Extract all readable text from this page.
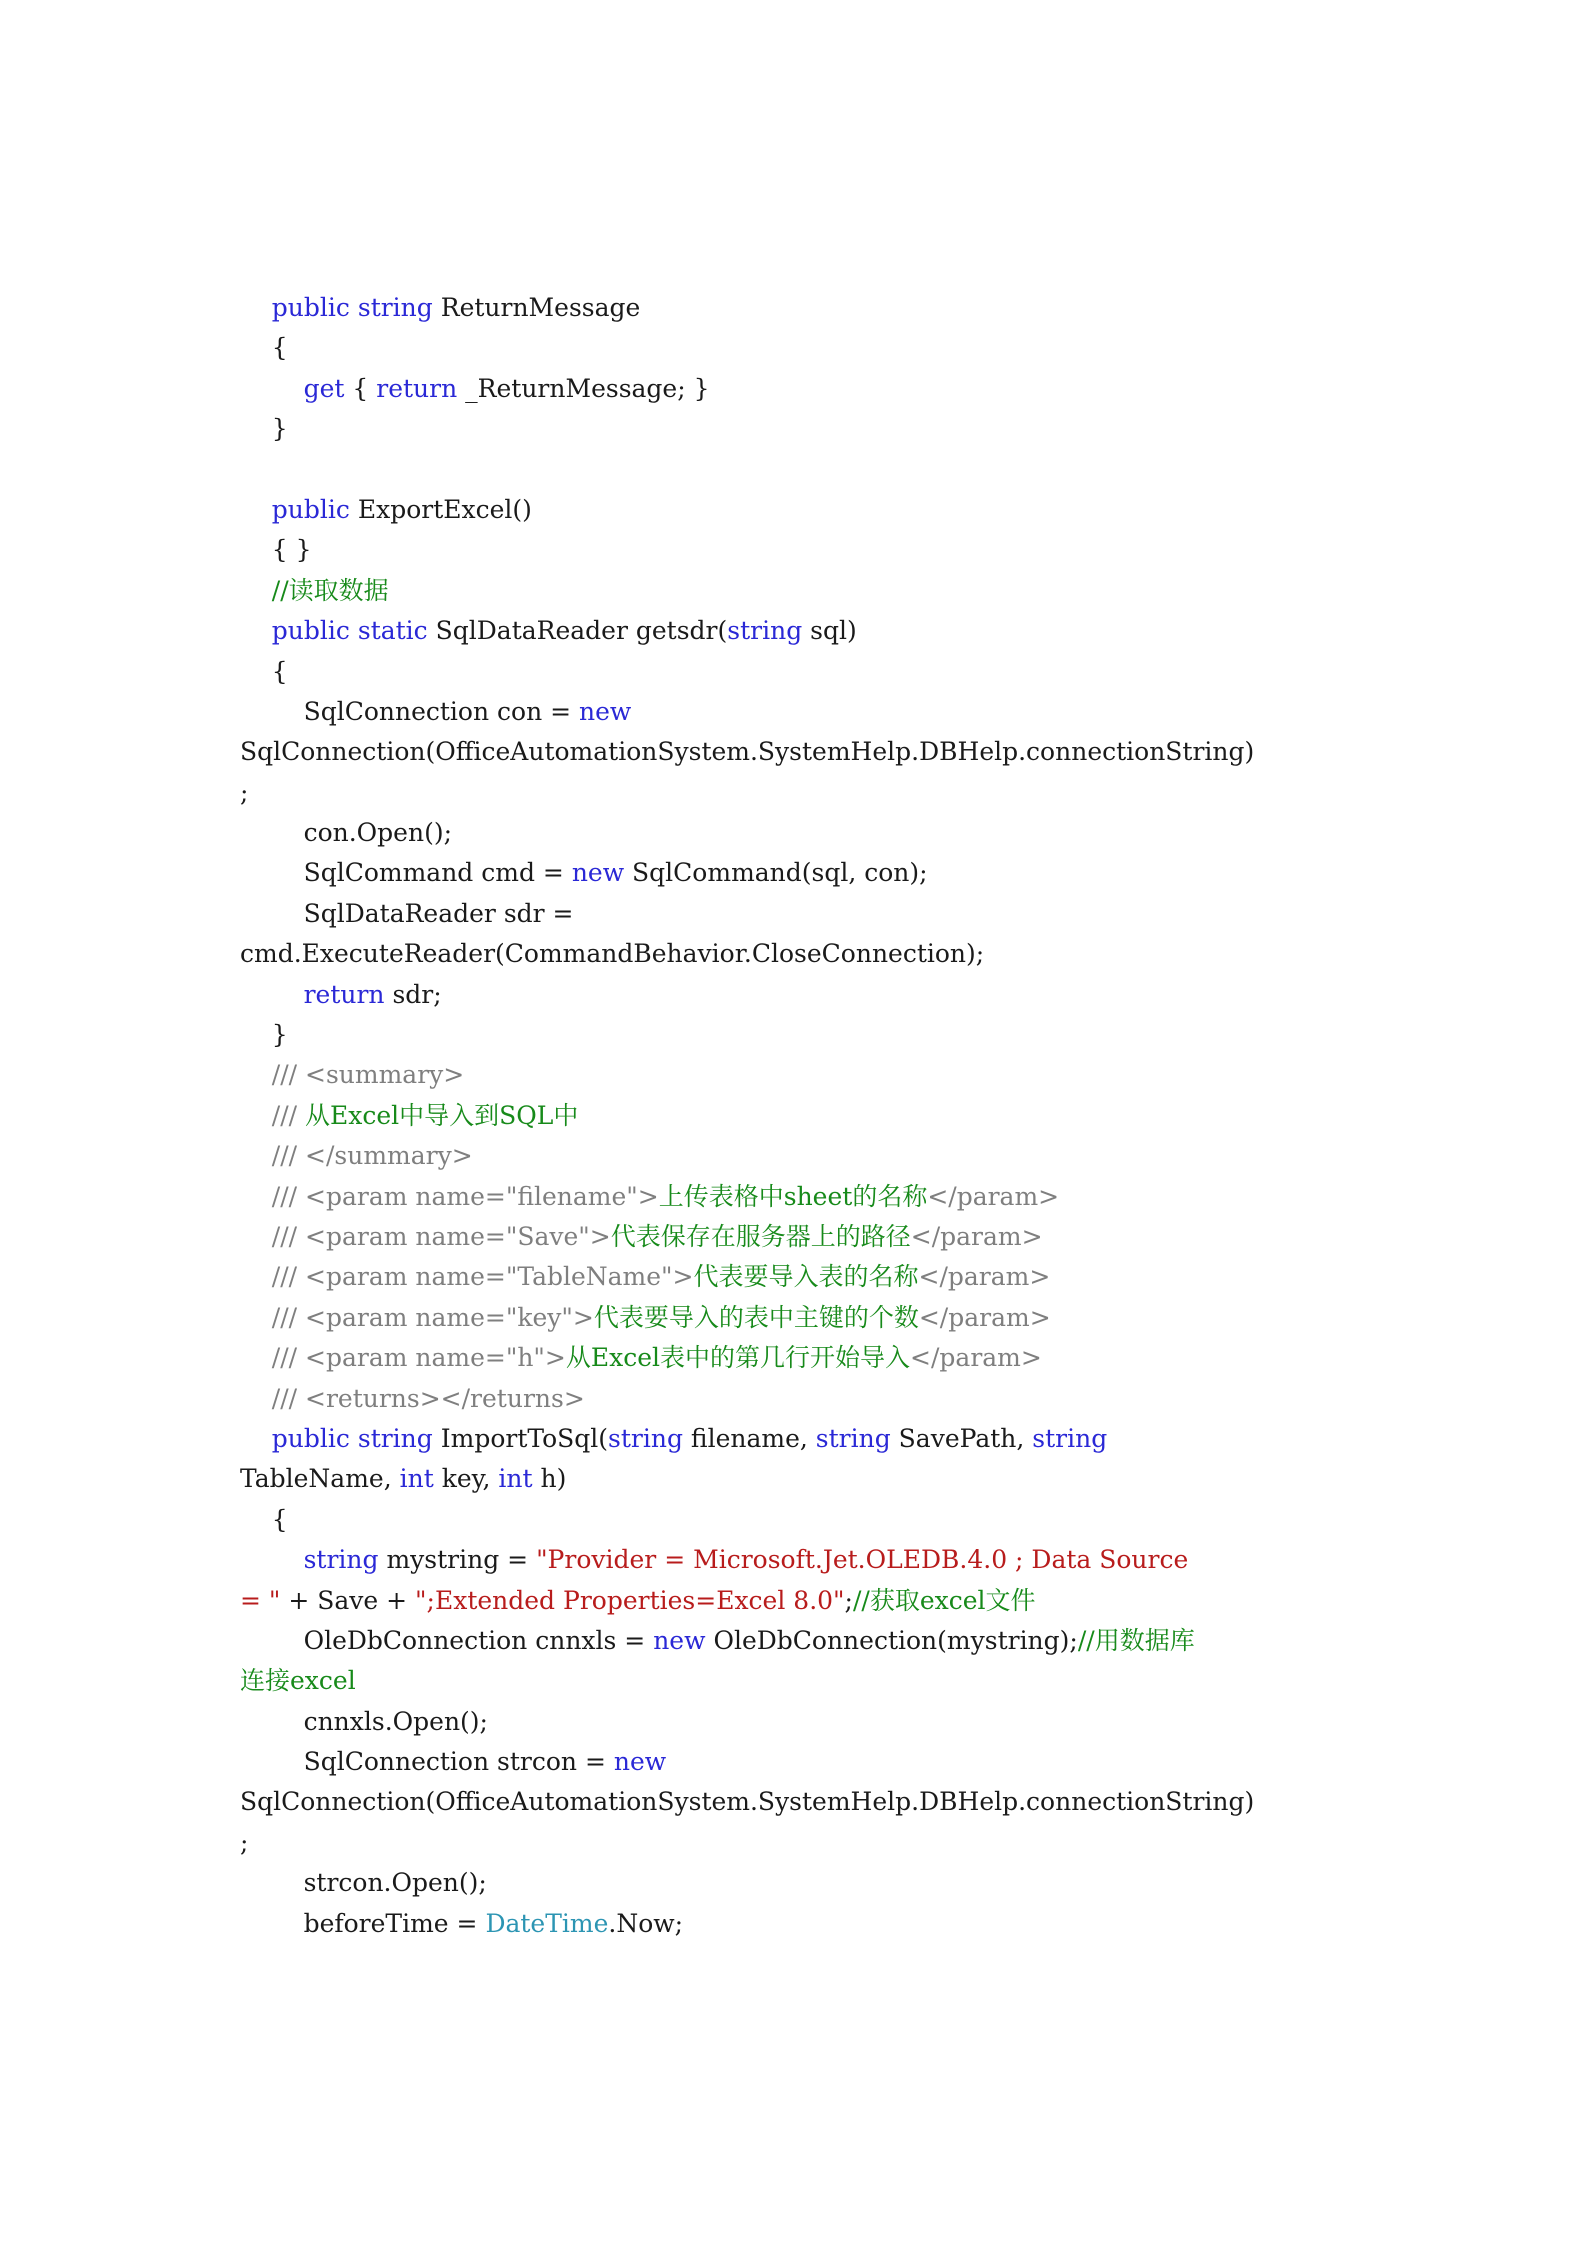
public string ReturnMessage
{
get { return _ReturnMessage; }
}
public ExportExcel()
{ }
//读取数据
public static SqlDataReader getsdr(string sql)
{
SqlConnection con = new
SqlConnection(OfficeAutomationSystem.SystemHelp.DBHelp.connectionString)
;
con.Open();
SqlCommand cmd = new SqlCommand(sql, con);
SqlDataReader sdr =
cmd.ExecuteReader(CommandBehavior.CloseConnection);
return sdr;
}
/// <summary>
/// 从Excel中导入到SQL中
/// </summary>
/// <param name="filename">上传表格中sheet的名称</param>
/// <param name="Save">代表保存在服务器上的路径</param>
/// <param name="TableName">代表要导入表的名称</param>
/// <param name="key">代表要导入的表中主键的个数</param>
/// <param name="h">从Excel表中的第几行开始导入</param>
/// <returns></returns>
public string ImportToSql(string filename, string SavePath, string
TableName, int key, int h)
{
string mystring = "Provider = Microsoft.Jet.OLEDB.4.0 ; Data Source
= " + Save + ";Extended Properties=Excel 8.0";//获取excel文件
OleDbConnection cnnxls = new OleDbConnection(mystring);//用数据库
连接excel
cnnxls.Open();
SqlConnection strcon = new
SqlConnection(OfficeAutomationSystem.SystemHelp.DBHelp.connectionString)
;
strcon.Open();
beforeTime = DateTime.Now;
